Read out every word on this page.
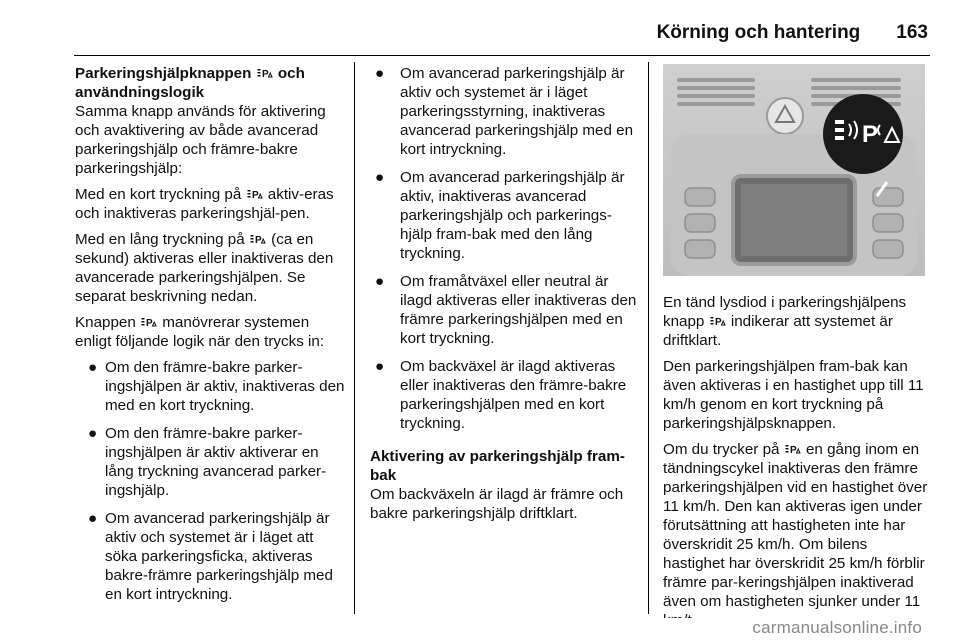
Körning och hantering 163

Parkeringshjälpknappen P och
användningslogik

Samma knapp används för aktivering och avaktivering av både avancerad parkeringshjälp och främre-bakre parkeringshjälp:

Med en kort tryckning på P aktiv-eras och inaktiveras parkeringshjäl-pen.

Med en lång tryckning på P (ca en sekund) aktiveras eller inaktiveras den avancerade parkeringshjälpen. Se separat beskrivning nedan.

Knappen P manövrerar systemen enligt följande logik när den trycks in:

● Om den främre-bakre parker-ingshjälpen är aktiv, inaktiveras den med en kort tryckning.
● Om den främre-bakre parker-ingshjälpen är aktiv aktiverar en lång tryckning avancerad parker-ingshjälp.
● Om avancerad parkeringshjälp är aktiv och systemet är i läget att söka parkeringsficka, aktiveras bakre-främre parkeringshjälp med en kort intryckning.
● Om avancerad parkeringshjälp är aktiv och systemet är i läget parkeringsstyrning, inaktiveras avancerad parkeringshjälp med en kort intryckning.
● Om avancerad parkeringshjälp är aktiv, inaktiveras avancerad parkeringshjälp och parkerings-hjälp fram-bak med den lång tryckning.
● Om framåtväxel eller neutral är ilagd aktiveras eller inaktiveras den främre parkeringshjälpen med en kort tryckning.
● Om backväxel är ilagd aktiveras eller inaktiveras den främre-bakre parkeringshjälpen med en kort tryckning.

Aktivering av parkeringshjälp fram-bak

Om backväxeln är ilagd är främre och bakre parkeringshjälp driftklart.

P

En tänd lysdiod i parkeringshjälpens knapp P indikerar att systemet är driftklart.

Den parkeringshjälpen fram-bak kan även aktiveras i en hastighet upp till 11 km/h genom en kort tryckning på parkeringshjälpsknappen.

Om du trycker på P en gång inom en tändningscykel inaktiveras den främre parkeringshjälpen vid en hastighet över 11 km/h. Den kan aktiveras igen under förutsättning att hastigheten inte har överskridit 25 km/h. Om bilens hastighet har överskridit 25 km/h förblir främre par-keringshjälpen inaktiverad även om hastigheten sjunker under 11

carmanualsonline.info
